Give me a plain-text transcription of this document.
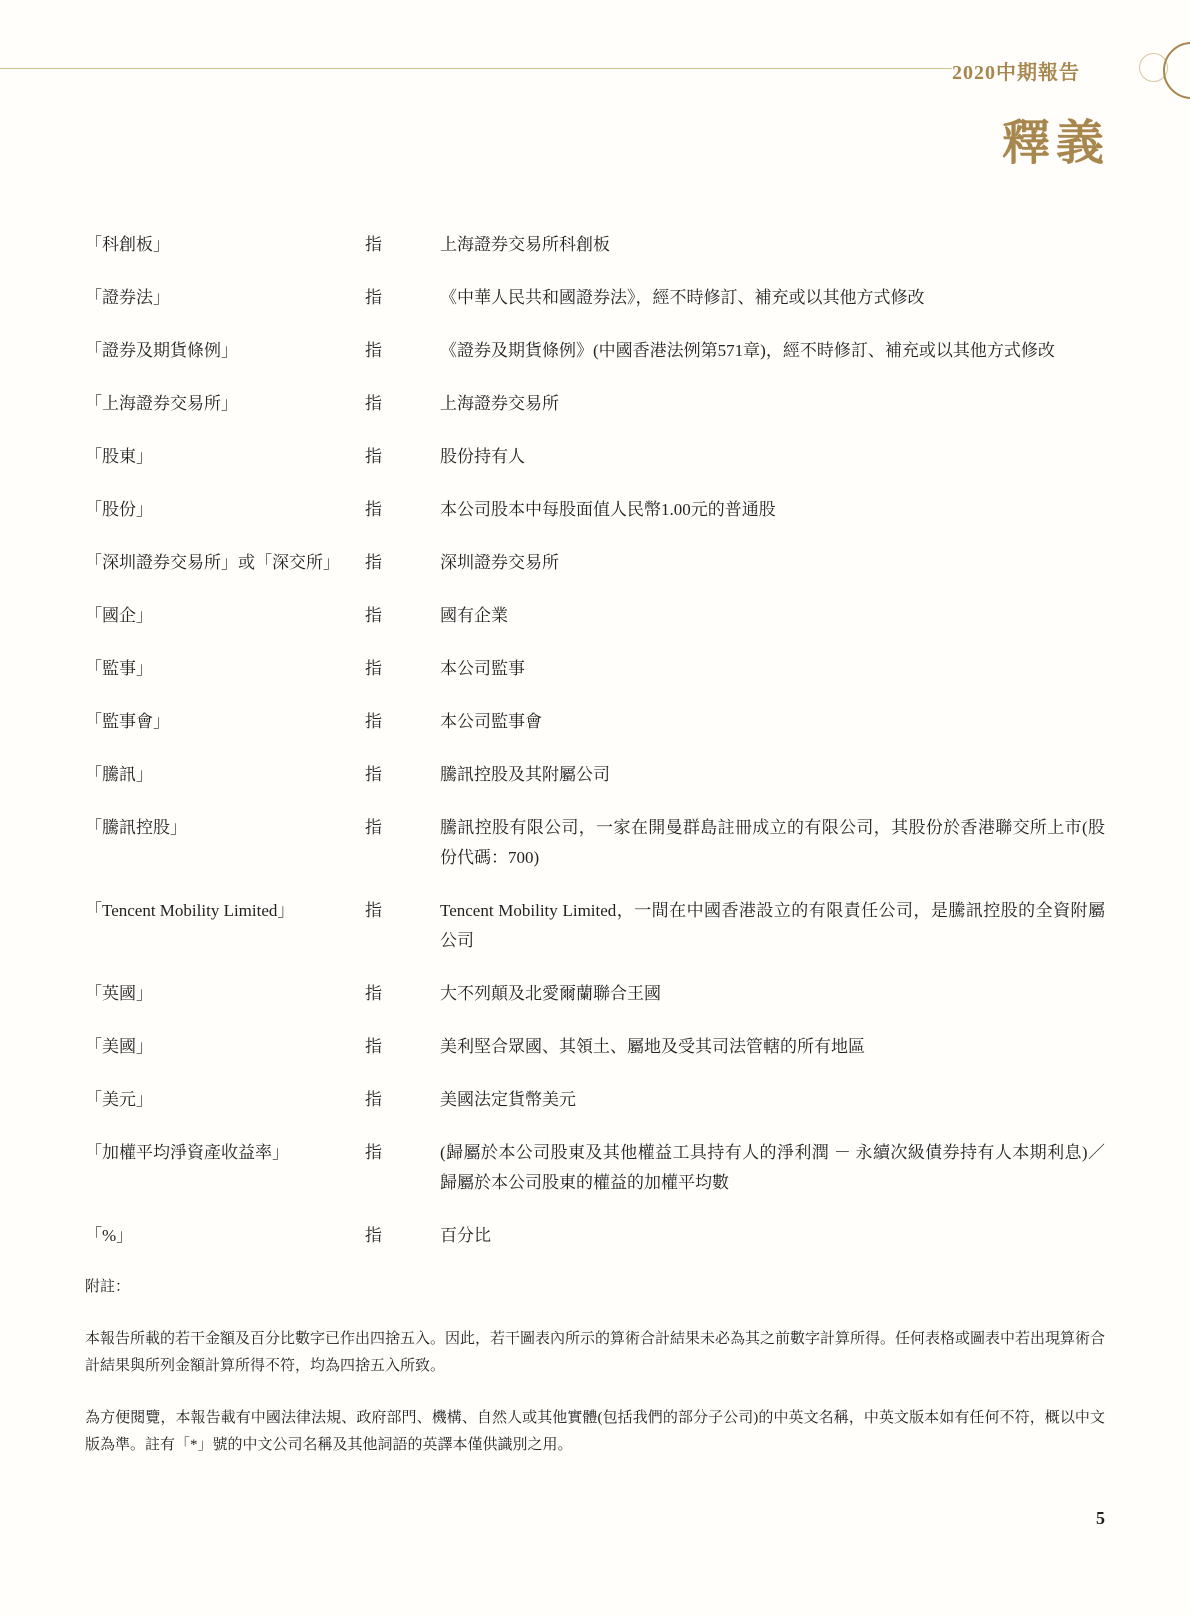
2020中期報告
釋義
「科創板」	指	上海證券交易所科創板
「證券法」	指	《中華人民共和國證券法》，經不時修訂、補充或以其他方式修改
「證券及期貨條例」	指	《證券及期貨條例》(中國香港法例第571章)，經不時修訂、補充或以其他方式修改
「上海證券交易所」	指	上海證券交易所
「股東」	指	股份持有人
「股份」	指	本公司股本中每股面值人民幣1.00元的普通股
「深圳證券交易所」或「深交所」	指	深圳證券交易所
「國企」	指	國有企業
「監事」	指	本公司監事
「監事會」	指	本公司監事會
「騰訊」	指	騰訊控股及其附屬公司
「騰訊控股」	指	騰訊控股有限公司，一家在開曼群島註冊成立的有限公司，其股份於香港聯交所上市(股份代碼：700)
「Tencent Mobility Limited」	指	Tencent Mobility Limited，一間在中國香港設立的有限責任公司，是騰訊控股的全資附屬公司
「英國」	指	大不列顛及北愛爾蘭聯合王國
「美國」	指	美利堅合眾國、其領土、屬地及受其司法管轄的所有地區
「美元」	指	美國法定貨幣美元
「加權平均淨資產收益率」	指	(歸屬於本公司股東及其他權益工具持有人的淨利潤 － 永續次級債券持有人本期利息)／歸屬於本公司股東的權益的加權平均數
「%」	指	百分比
附註：

本報告所載的若干金額及百分比數字已作出四捨五入。因此，若干圖表內所示的算術合計結果未必為其之前數字計算所得。任何表格或圖表中若出現算術合計結果與所列金額計算所得不符，均為四捨五入所致。

為方便閱覽，本報告載有中國法律法規、政府部門、機構、自然人或其他實體(包括我們的部分子公司)的中英文名稱，中英文版本如有任何不符，概以中文版為準。註有「*」號的中文公司名稱及其他詞語的英譯本僅供識別之用。

5
